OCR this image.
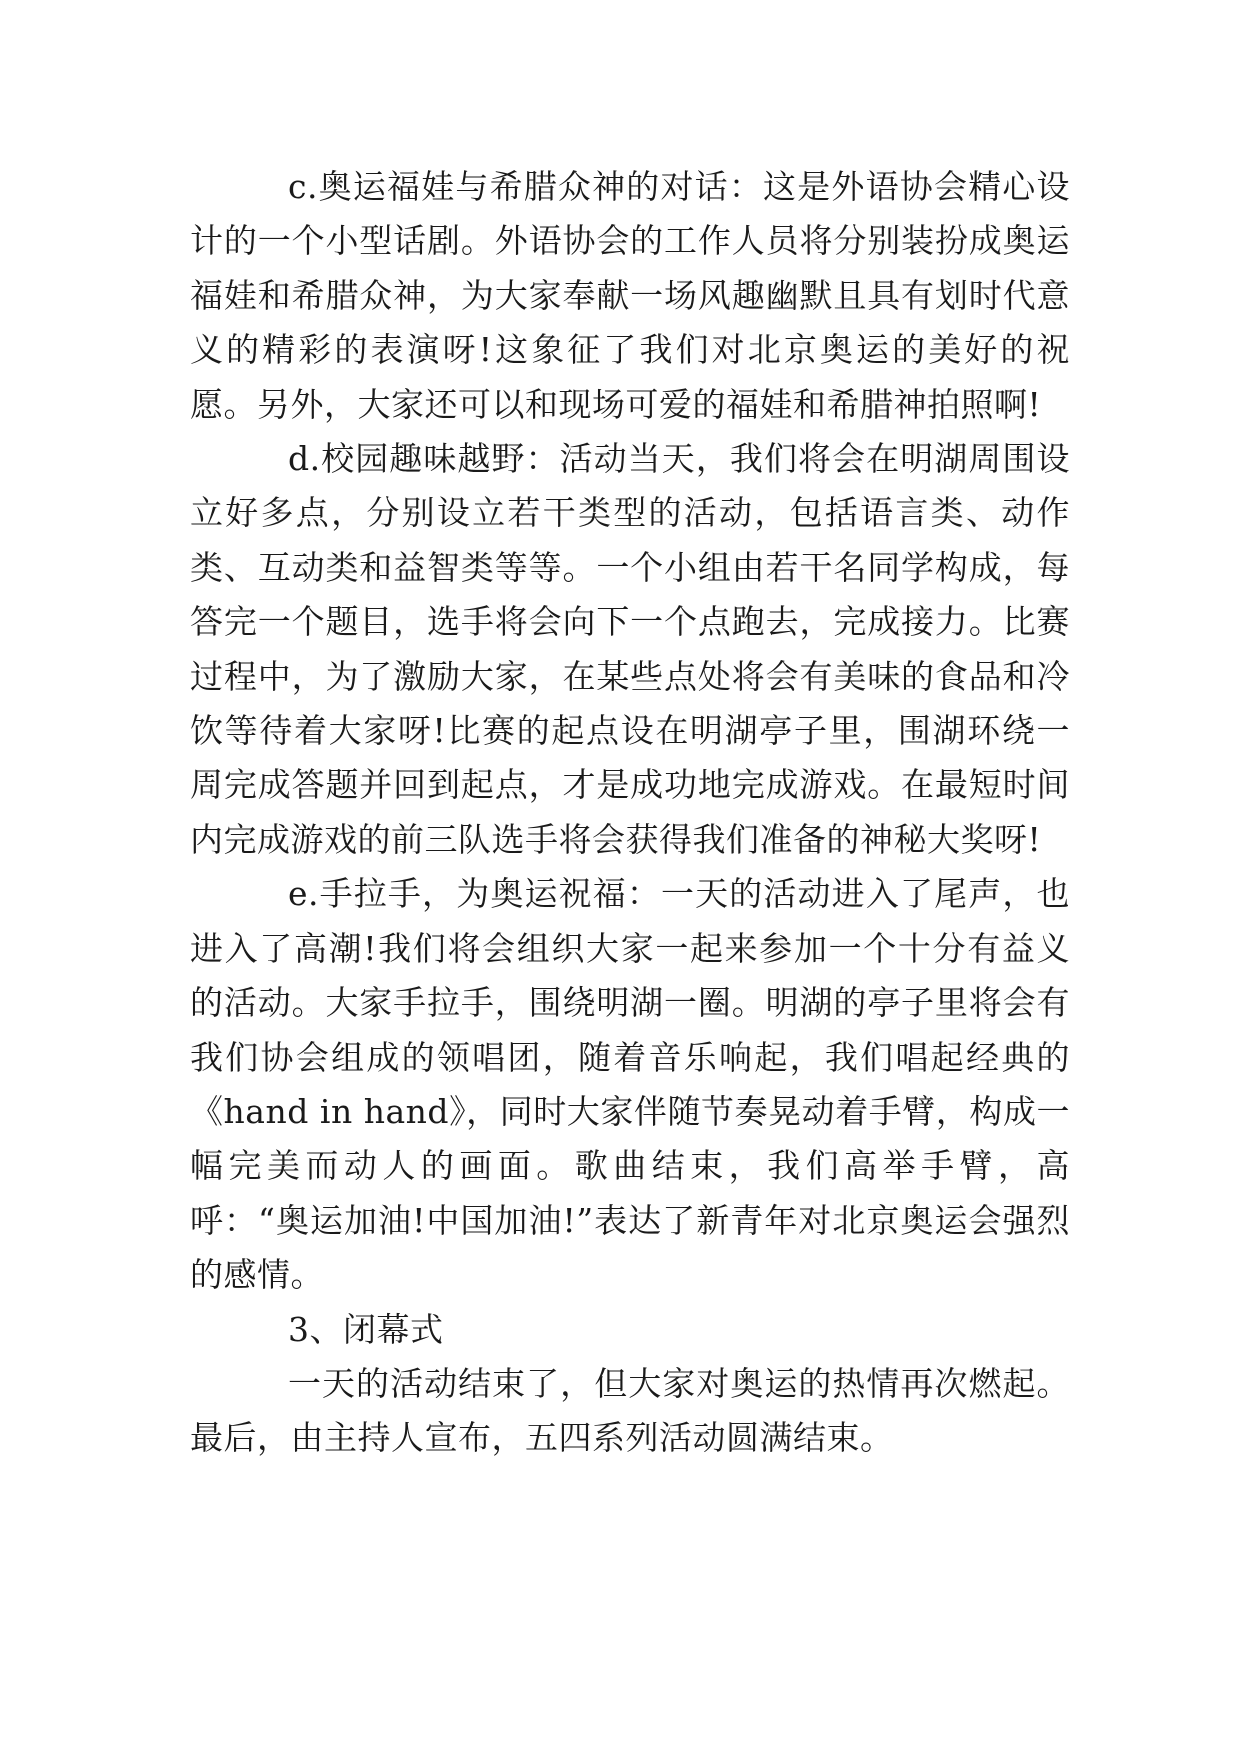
c.奥运福娃与希腊众神的对话：这是外语协会精心设计的一个小型话剧。外语协会的工作人员将分别装扮成奥运福娃和希腊众神，为大家奉献一场风趣幽默且具有划时代意义的精彩的表演呀!这象征了我们对北京奥运的美好的祝愿。另外，大家还可以和现场可爱的福娃和希腊神拍照啊!

d.校园趣味越野：活动当天，我们将会在明湖周围设立好多点，分别设立若干类型的活动，包括语言类、动作类、互动类和益智类等等。一个小组由若干名同学构成，每答完一个题目，选手将会向下一个点跑去，完成接力。比赛过程中，为了激励大家，在某些点处将会有美味的食品和冷饮等待着大家呀!比赛的起点设在明湖亭子里，围湖环绕一周完成答题并回到起点，才是成功地完成游戏。在最短时间内完成游戏的前三队选手将会获得我们准备的神秘大奖呀!

e.手拉手，为奥运祝福：一天的活动进入了尾声，也进入了高潮!我们将会组织大家一起来参加一个十分有益义的活动。大家手拉手，围绕明湖一圈。明湖的亭子里将会有我们协会组成的领唱团，随着音乐响起，我们唱起经典的《hand in hand》，同时大家伴随节奏晃动着手臂，构成一幅完美而动人的画面。歌曲结束，我们高举手臂，高呼：“奥运加油!中国加油!”表达了新青年对北京奥运会强烈的感情。

3、闭幕式

一天的活动结束了，但大家对奥运的热情再次燃起。最后，由主持人宣布，五四系列活动圆满结束。
